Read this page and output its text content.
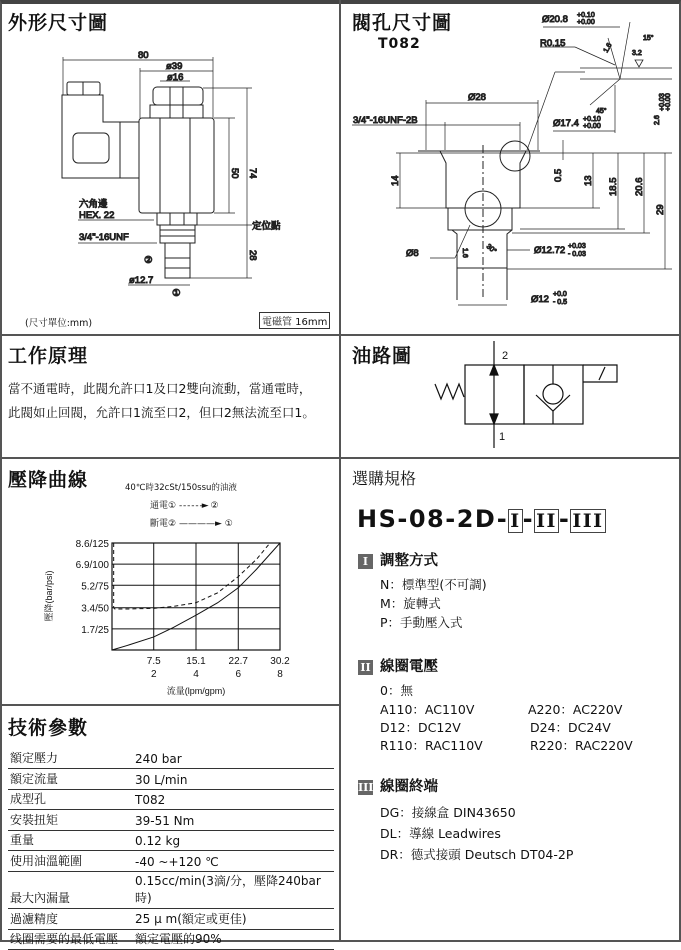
外形尺寸圖
80
ø39
ø16
50 74
28
六角邊
HEX. 22
3/4"-16UNF
②
ø12.7
①
定位點
(尺寸單位:mm)	電磁管 16mm
閥孔尺寸圖
T082
Ø20.8 +0.10
+0.00
R0.15	15°
1.6	3.2
Ø28
3/4"-16UNF-2B
45°
Ø17.4 +0.10
+0.00
2.6
+0.03 +0.00
14	0.5 13 18.5 20.6
29
Ø8	1.6 30°	Ø12.72 +0.03
- 0.03
Ø12 +0.0
- 0.5
工作原理
當不通電時，此閥允許口1及口2雙向流動，當通電時，
此閥如止回閥，允許口1流至口2，但口2無法流至口1。
油路圖	2
1
壓降曲線	40℃時32cSt/150ssu的油液
通電① - - - - - -► ②
斷電② ————► ①
1.7/25
3.4/50
5.2/75
6.9/100
8.6/125
7.5
2
15.1
4
22.7
6
30.2
8
流量(lpm/gpm)
壓降(bar/psi)
技術參數
額定壓力	240 bar
額定流量	30 L/min
成型孔	T082
安裝扭矩	39-51 Nm
重量	0.12 kg
使用油溫範圍	-40 ~+120 ℃
最大內漏量	0.15cc/min(3滴/分，壓降240bar時)
過濾精度	25 μ m(額定或更佳)
线圈需要的最低電壓	額定電壓的90%
選購規格
HS-08-2D- I- II- III
I 調整方式
N：標準型(不可調)
M：旋轉式
P：手動壓入式
II 線圈電壓
0：無
A110：AC110V	A220：AC220V
D12：DC12V	D24：DC24V
R110：RAC110V	R220：RAC220V
III 線圈終端
DG：接線盒 DIN43650
DL：導線 Leadwires
DR：德式接頭 Deutsch DT04-2P
